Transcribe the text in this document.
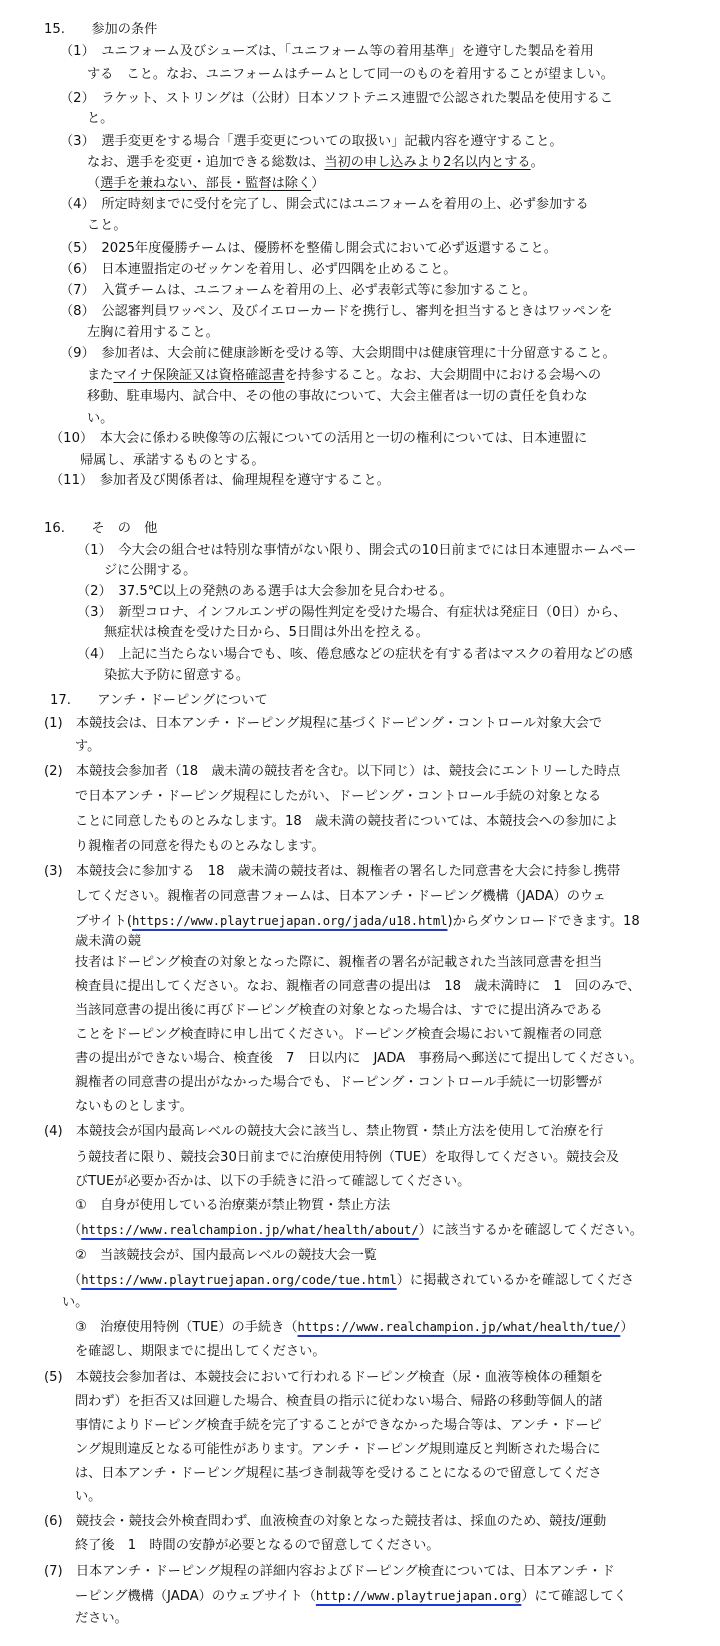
15.　　参加の条件
（1）　ユニフォーム及びシューズは、「ユニフォーム等の着用基準」を遵守した製品を着用
する　こと。なお、ユニフォームはチームとして同一のものを着用することが望ましい。
（2）　ラケット、ストリングは（公財）日本ソフトテニス連盟で公認された製品を使用するこ
と。
（3）　選手変更をする場合「選手変更についての取扱い」記載内容を遵守すること。
なお、選手を変更・追加できる総数は、当初の申し込みより2名以内とする。
（選手を兼ねない、部長・監督は除く）
（4）　所定時刻までに受付を完了し、開会式にはユニフォームを着用の上、必ず参加する
こと。
（5）　2025年度優勝チームは、優勝杯を整備し開会式において必ず返還すること。
（6）　日本連盟指定のゼッケンを着用し、必ず四隅を止めること。
（7）　入賞チームは、ユニフォームを着用の上、必ず表彰式等に参加すること。
（8）　公認審判員ワッペン、及びイエローカードを携行し、審判を担当するときはワッペンを
左胸に着用すること。
（9）　参加者は、大会前に健康診断を受ける等、大会期間中は健康管理に十分留意すること。
またマイナ保険証又は資格確認書を持参すること。なお、大会期間中における会場への
移動、駐車場内、試合中、その他の事故について、大会主催者は一切の責任を負わな
い。
（10）　本大会に係わる映像等の広報についての活用と一切の権利については、日本連盟に
帰属し、承諾するものとする。
（11）　参加者及び関係者は、倫理規程を遵守すること。
16.　　そ　の　他
（1）　今大会の組合せは特別な事情がない限り、開会式の10日前までには日本連盟ホームペー
ジに公開する。
（2）　37.5℃以上の発熱のある選手は大会参加を見合わせる。
（3）　新型コロナ、インフルエンザの陽性判定を受けた場合、有症状は発症日（0日）から、
無症状は検査を受けた日から、5日間は外出を控える。
（4）　上記に当たらない場合でも、咳、倦怠感などの症状を有する者はマスクの着用などの感
染拡大予防に留意する。
17.　　アンチ・ドーピングについて
(1)　本競技会は、日本アンチ・ドーピング規程に基づくドーピング・コントロール対象大会で
す。
(2)　本競技会参加者（18　歳未満の競技者を含む。以下同じ）は、競技会にエントリーした時点
で日本アンチ・ドーピング規程にしたがい、ドーピング・コントロール手続の対象となる
ことに同意したものとみなします。18　歳未満の競技者については、本競技会への参加によ
り親権者の同意を得たものとみなします。
(3)　本競技会に参加する　18　歳未満の競技者は、親権者の署名した同意書を大会に持参し携帯
してください。親権者の同意書フォームは、日本アンチ・ドーピング機構（JADA）のウェ
ブサイト(https://www.playtruejapan.org/jada/u18.html)からダウンロードできます。18
歳未満の競
技者はドーピング検査の対象となった際に、親権者の署名が記載された当該同意書を担当
検査員に提出してください。なお、親権者の同意書の提出は　18　歳未満時に　1　回のみで、
当該同意書の提出後に再びドーピング検査の対象となった場合は、すでに提出済みである
ことをドーピング検査時に申し出てください。ドーピング検査会場において親権者の同意
書の提出ができない場合、検査後　7　日以内に　JADA　事務局へ郵送にて提出してください。
親権者の同意書の提出がなかった場合でも、ドーピング・コントロール手続に一切影響が
ないものとします。
(4)　本競技会が国内最高レベルの競技大会に該当し、禁止物質・禁止方法を使用して治療を行
う競技者に限り、競技会30日前までに治療使用特例（TUE）を取得してください。競技会及
びTUEが必要か否かは、以下の手続きに沿って確認してください。
①　自身が使用している治療薬が禁止物質・禁止方法
（https://www.realchampion.jp/what/health/about/）に該当するかを確認してください。
②　当該競技会が、国内最高レベルの競技大会一覧
（https://www.playtruejapan.org/code/tue.html）に掲載されているかを確認してくださ
い。
③　治療使用特例（TUE）の手続き（https://www.realchampion.jp/what/health/tue/）
を確認し、期限までに提出してください。
(5)　本競技会参加者は、本競技会において行われるドーピング検査（尿・血液等検体の種類を
問わず）を拒否又は回避した場合、検査員の指示に従わない場合、帰路の移動等個人的諸
事情によりドーピング検査手続を完了することができなかった場合等は、アンチ・ドーピ
ング規則違反となる可能性があります。アンチ・ドーピング規則違反と判断された場合に
は、日本アンチ・ドーピング規程に基づき制裁等を受けることになるので留意してくださ
い。
(6)　競技会・競技会外検査問わず、血液検査の対象となった競技者は、採血のため、競技/運動
終了後　1　時間の安静が必要となるので留意してください。
(7)　日本アンチ・ドーピング規程の詳細内容およびドーピング検査については、日本アンチ・ド
ーピング機構（JADA）のウェブサイト（http://www.playtruejapan.org）にて確認してく
ださい。
